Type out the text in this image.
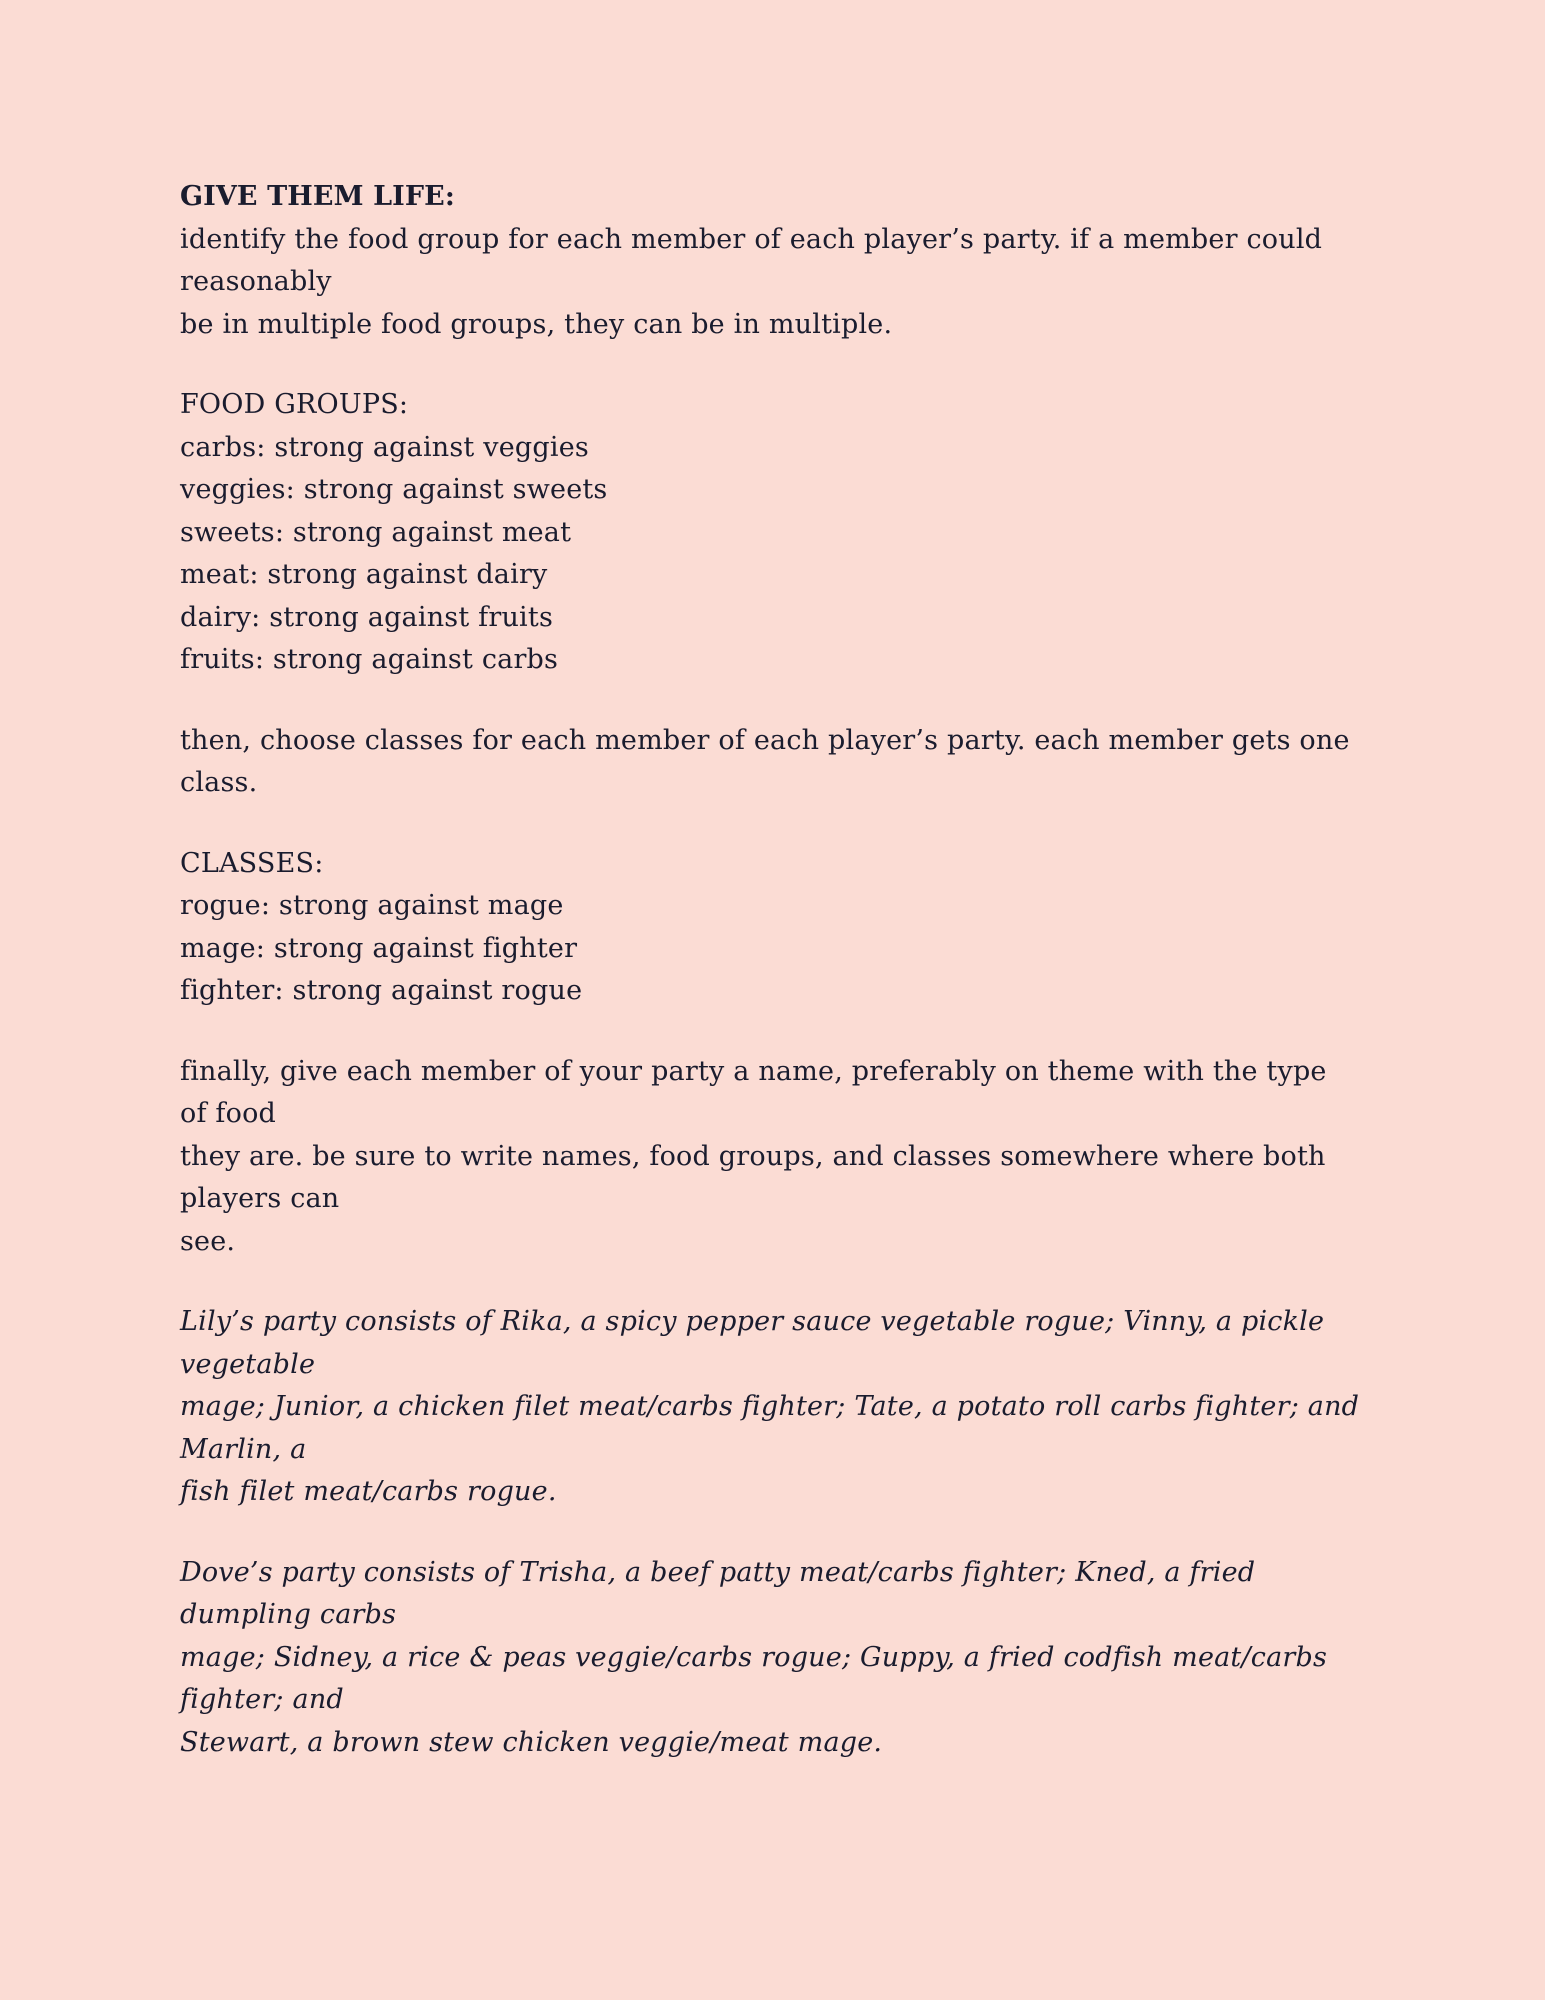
GIVE THEM LIFE:
identify the food group for each member of each player’s party. if a member could reasonably
be in multiple food groups, they can be in multiple.
FOOD GROUPS:
carbs: strong against veggies
veggies: strong against sweets
sweets: strong against meat
meat: strong against dairy
dairy: strong against fruits
fruits: strong against carbs
then, choose classes for each member of each player’s party. each member gets one class.
CLASSES:
rogue: strong against mage
mage: strong against fighter
fighter: strong against rogue
finally, give each member of your party a name, preferably on theme with the type of food
they are. be sure to write names, food groups, and classes somewhere where both players can
see.
Lily’s party consists of Rika, a spicy pepper sauce vegetable rogue; Vinny, a pickle vegetable
mage; Junior, a chicken filet meat/carbs fighter; Tate, a potato roll carbs fighter; and Marlin, a
fish filet meat/carbs rogue.
Dove’s party consists of Trisha, a beef patty meat/carbs fighter; Kned, a fried dumpling carbs
mage; Sidney, a rice & peas veggie/carbs rogue; Guppy, a fried codfish meat/carbs fighter; and
Stewart, a brown stew chicken veggie/meat mage.
